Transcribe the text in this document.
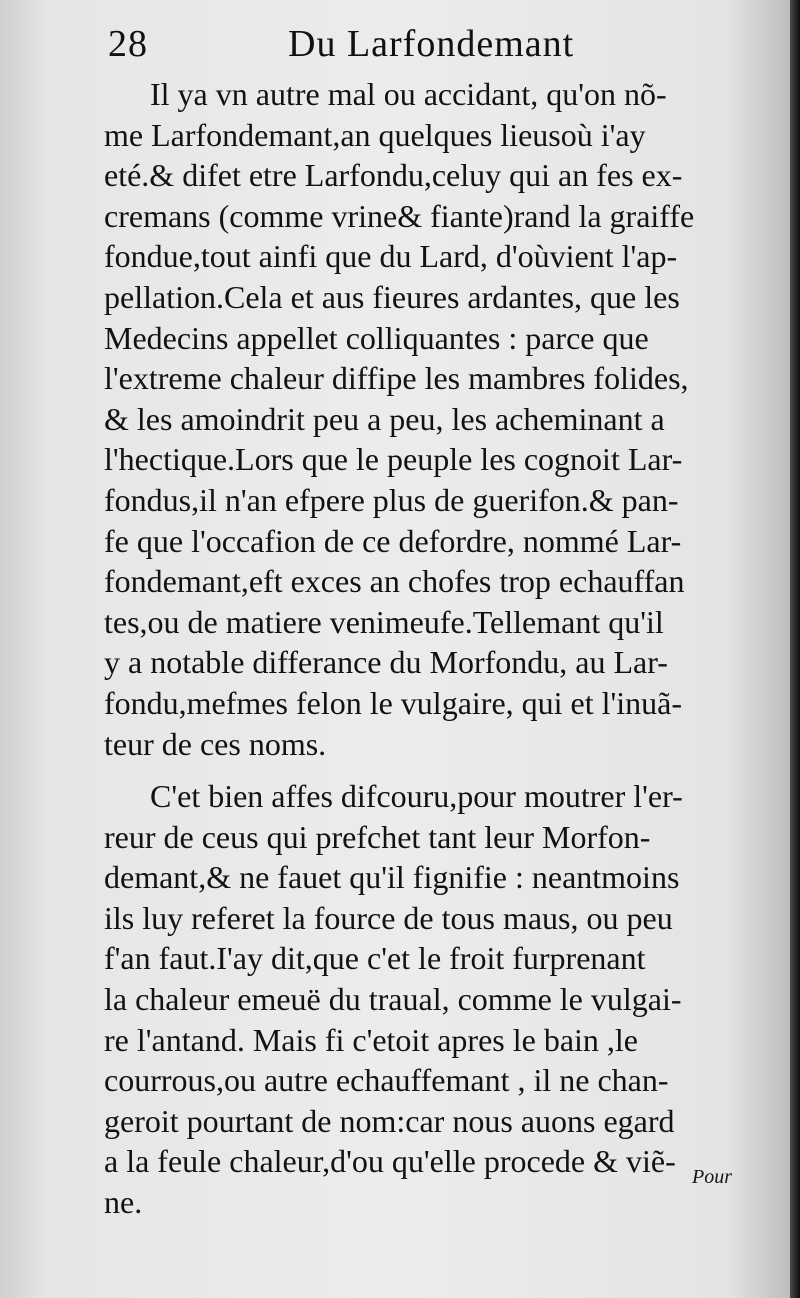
28	Du Larfondemant
Il ya vn autre mal ou accidant, qu'on nõ-
me Larfondemant,an quelques lieusoù i'ay
eté.& difet etre Larfondu,celuy qui an fes ex-
cremans (comme vrine& fiante)rand la graiffe
fondue,tout ainfi que du Lard, d'oùvient l'ap-
pellation.Cela et aus fieures ardantes, que les
Medecins appellet colliquantes : parce que
l'extreme chaleur diffipe les mambres folides,
& les amoindrit peu a peu, les acheminant a
l'hectique.Lors que le peuple les cognoit Lar-
fondus,il n'an efpere plus de guerifon.& pan-
fe que l'occafion de ce defordre, nommé Lar-
fondemant,eft exces an chofes trop echauffan
tes,ou de matiere venimeufe.Tellemant qu'il
y a notable differance du Morfondu, au Lar-
fondu,mefmes felon le vulgaire, qui et l'inuã-
teur de ces noms.
C'et bien affes difcouru,pour moutrer l'er-
reur de ceus qui prefchet tant leur Morfon-
demant,& ne fauet qu'il fignifie : neantmoins
ils luy referet la fource de tous maus, ou peu
f'an faut.I'ay dit,que c'et le froit furprenant
la chaleur emeuë du traual, comme le vulgai-
re l'antand. Mais fi c'etoit apres le bain ,le
courrous,ou autre echauffemant , il ne chan-
geroit pourtant de nom:car nous auons egard
a la feule chaleur,d'ou qu'elle procede & viẽ-
ne.
Pour
